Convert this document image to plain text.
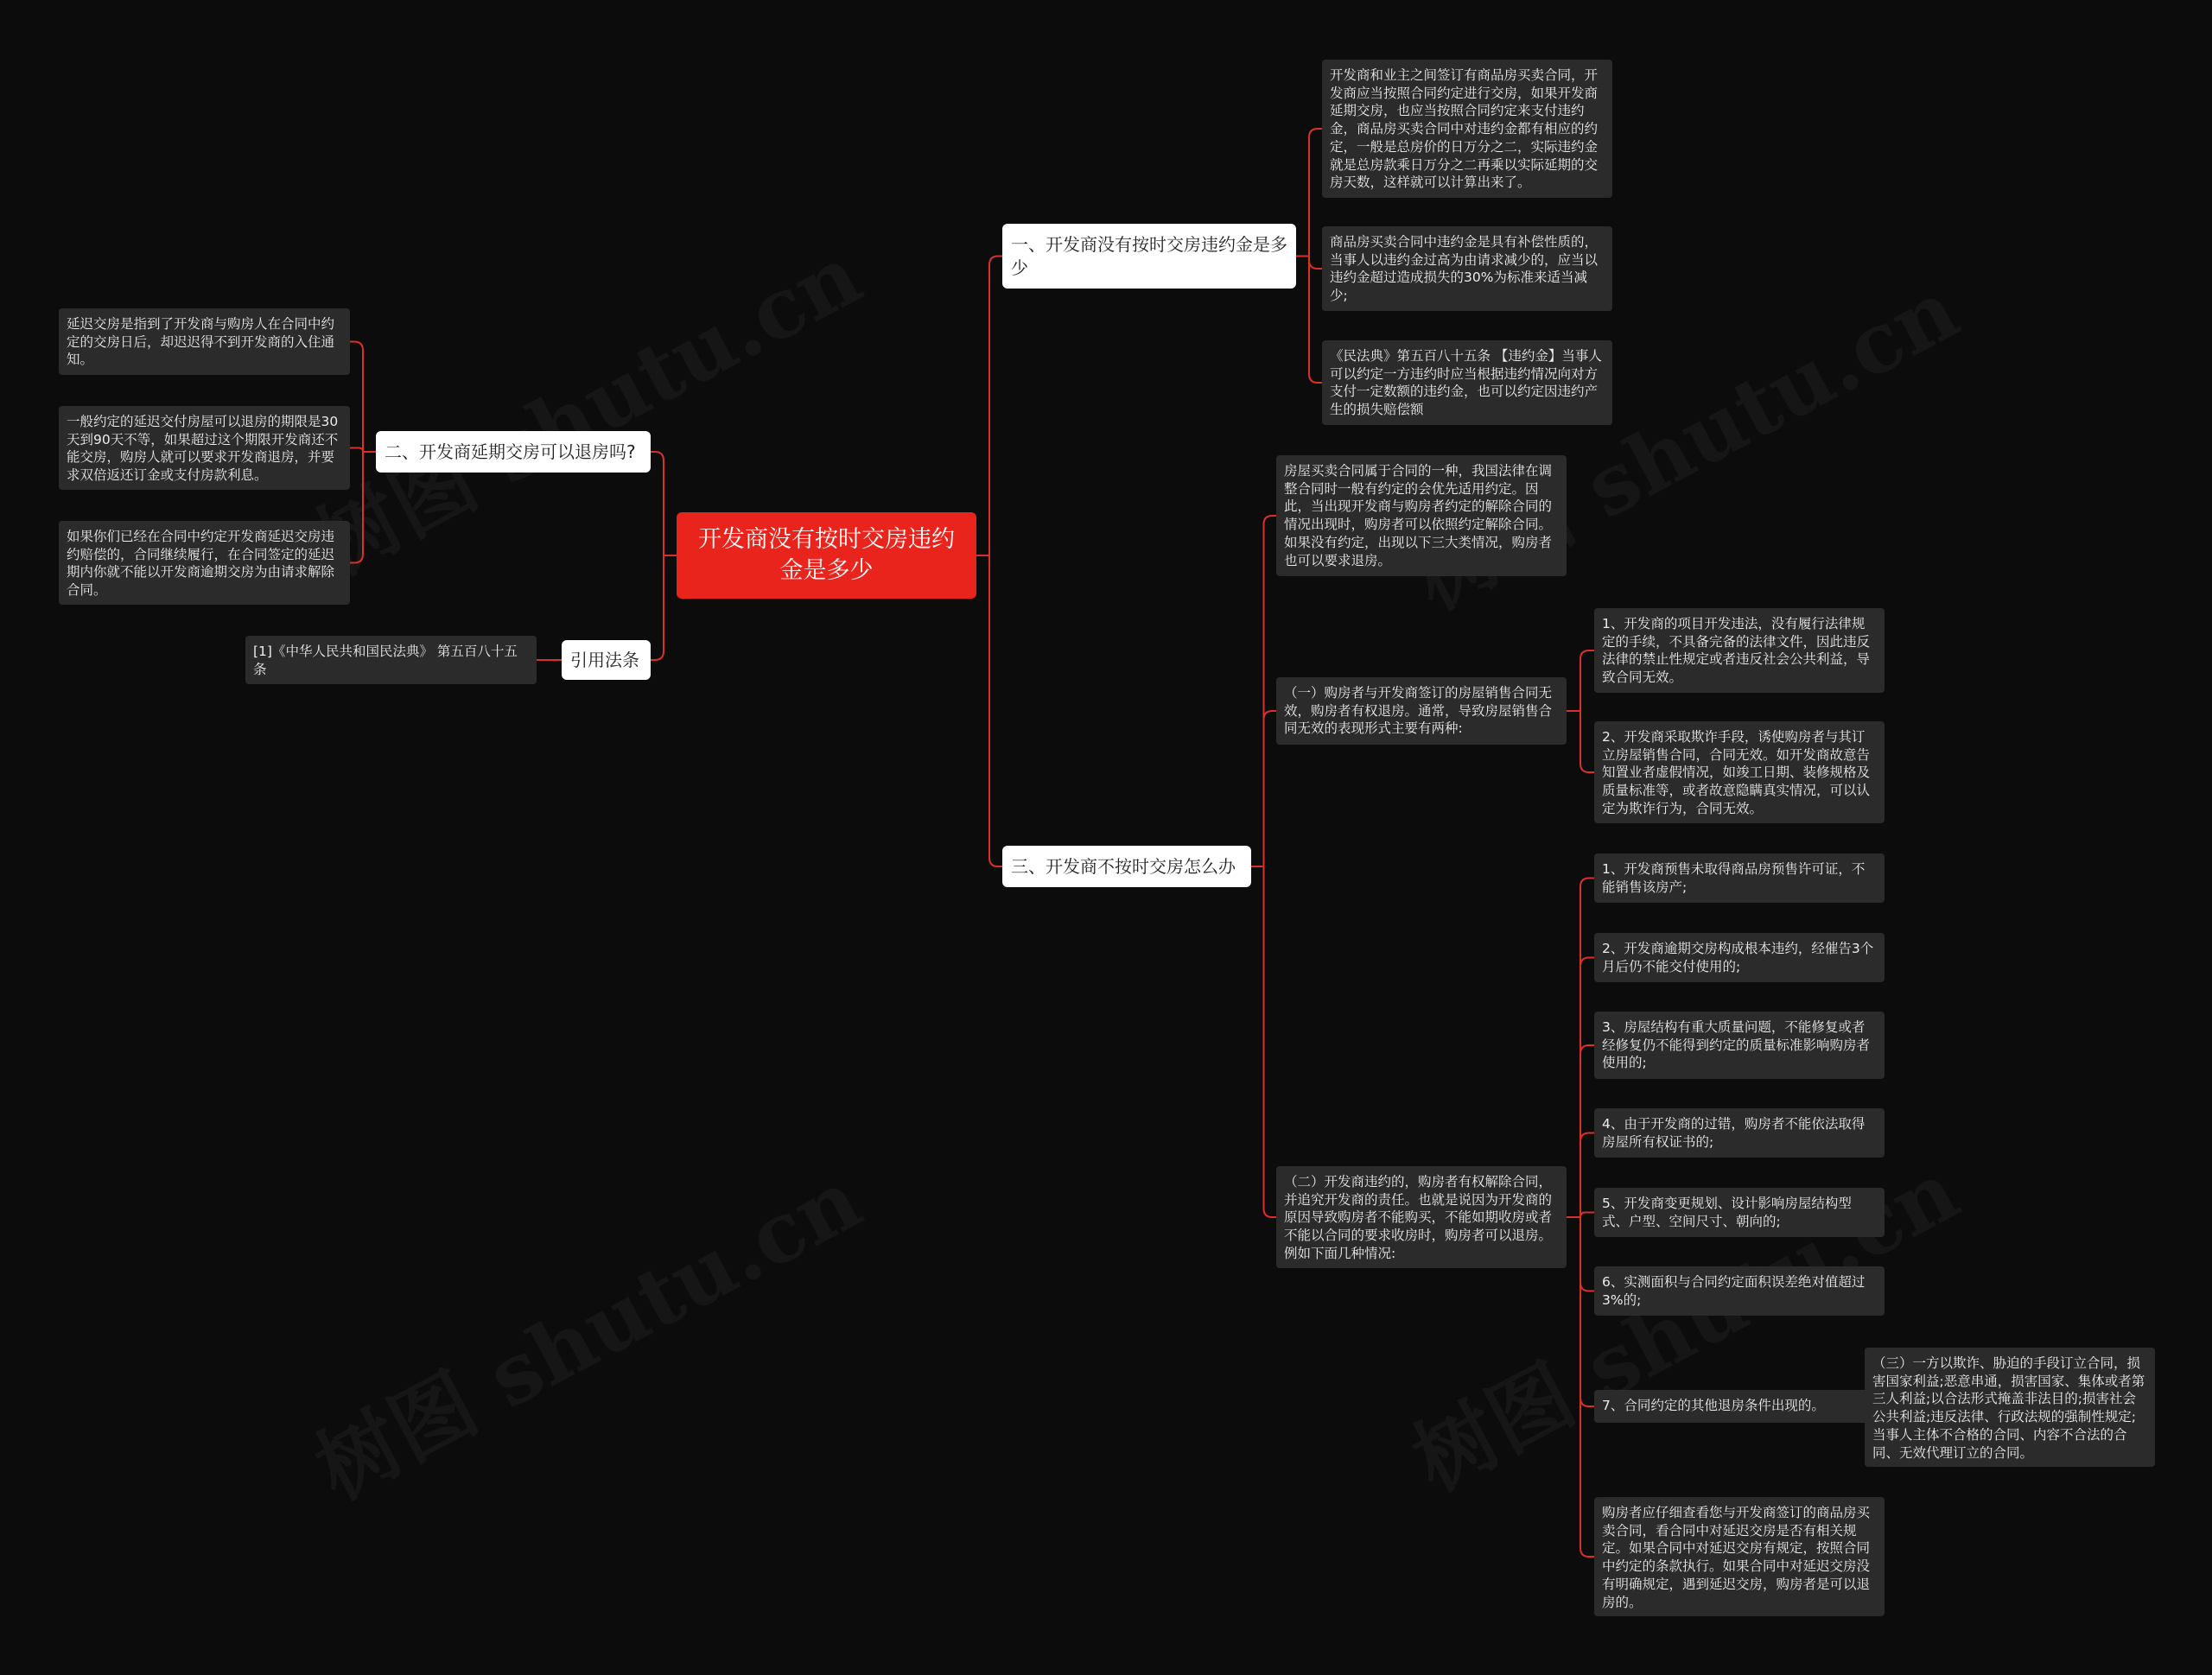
开发商没有按时交房违约金是多少
二、开发商延期交房可以退房吗?
延迟交房是指到了开发商与购房人在合同中约定的交房日后，却迟迟得不到开发商的入住通知。
一般约定的延迟交付房屋可以退房的期限是30天到90天不等，如果超过这个期限开发商还不能交房，购房人就可以要求开发商退房，并要求双倍返还订金或支付房款利息。
如果你们已经在合同中约定开发商延迟交房违约赔偿的，合同继续履行，在合同签定的延迟期内你就不能以开发商逾期交房为由请求解除合同。
引用法条
[1]《中华人民共和国民法典》 第五百八十五条
一、开发商没有按时交房违约金是多少
开发商和业主之间签订有商品房买卖合同，开发商应当按照合同约定进行交房，如果开发商延期交房，也应当按照合同约定来支付违约金，商品房买卖合同中对违约金都有相应的约定，一般是总房价的日万分之二，实际违约金就是总房款乘日万分之二再乘以实际延期的交房天数，这样就可以计算出来了。
商品房买卖合同中违约金是具有补偿性质的，当事人以违约金过高为由请求减少的，应当以违约金超过造成损失的30%为标准来适当减少;
《民法典》第五百八十五条 【违约金】当事人可以约定一方违约时应当根据违约情况向对方支付一定数额的违约金，也可以约定因违约产生的损失赔偿额
三、开发商不按时交房怎么办
房屋买卖合同属于合同的一种，我国法律在调整合同时一般有约定的会优先适用约定。因此，当出现开发商与购房者约定的解除合同的情况出现时，购房者可以依照约定解除合同。如果没有约定，出现以下三大类情况，购房者也可以要求退房。
（一）购房者与开发商签订的房屋销售合同无效，购房者有权退房。通常，导致房屋销售合同无效的表现形式主要有两种:
1、开发商的项目开发违法，没有履行法律规定的手续，不具备完备的法律文件，因此违反法律的禁止性规定或者违反社会公共利益，导致合同无效。
2、开发商采取欺诈手段，诱使购房者与其订立房屋销售合同，合同无效。如开发商故意告知置业者虚假情况，如竣工日期、装修规格及质量标准等，或者故意隐瞒真实情况，可以认定为欺诈行为，合同无效。
（二）开发商违约的，购房者有权解除合同，并追究开发商的责任。也就是说因为开发商的原因导致购房者不能购买，不能如期收房或者不能以合同的要求收房时，购房者可以退房。例如下面几种情况:
1、开发商预售未取得商品房预售许可证，不能销售该房产;
2、开发商逾期交房构成根本违约，经催告3个月后仍不能交付使用的;
3、房屋结构有重大质量问题，不能修复或者经修复仍不能得到约定的质量标准影响购房者使用的;
4、由于开发商的过错，购房者不能依法取得房屋所有权证书的;
5、开发商变更规划、设计影响房屋结构型式、户型、空间尺寸、朝向的;
6、实测面积与合同约定面积误差绝对值超过3%的;
7、合同约定的其他退房条件出现的。
购房者应仔细查看您与开发商签订的商品房买卖合同，看合同中对延迟交房是否有相关规定。如果合同中对延迟交房有规定，按照合同中约定的条款执行。如果合同中对延迟交房没有明确规定，遇到延迟交房，购房者是可以退房的。
（三）一方以欺诈、胁迫的手段订立合同，损害国家利益;恶意串通，损害国家、集体或者第三人利益;以合法形式掩盖非法目的;损害社会公共利益;违反法律、行政法规的强制性规定;当事人主体不合格的合同、内容不合法的合同、无效代理订立的合同。
